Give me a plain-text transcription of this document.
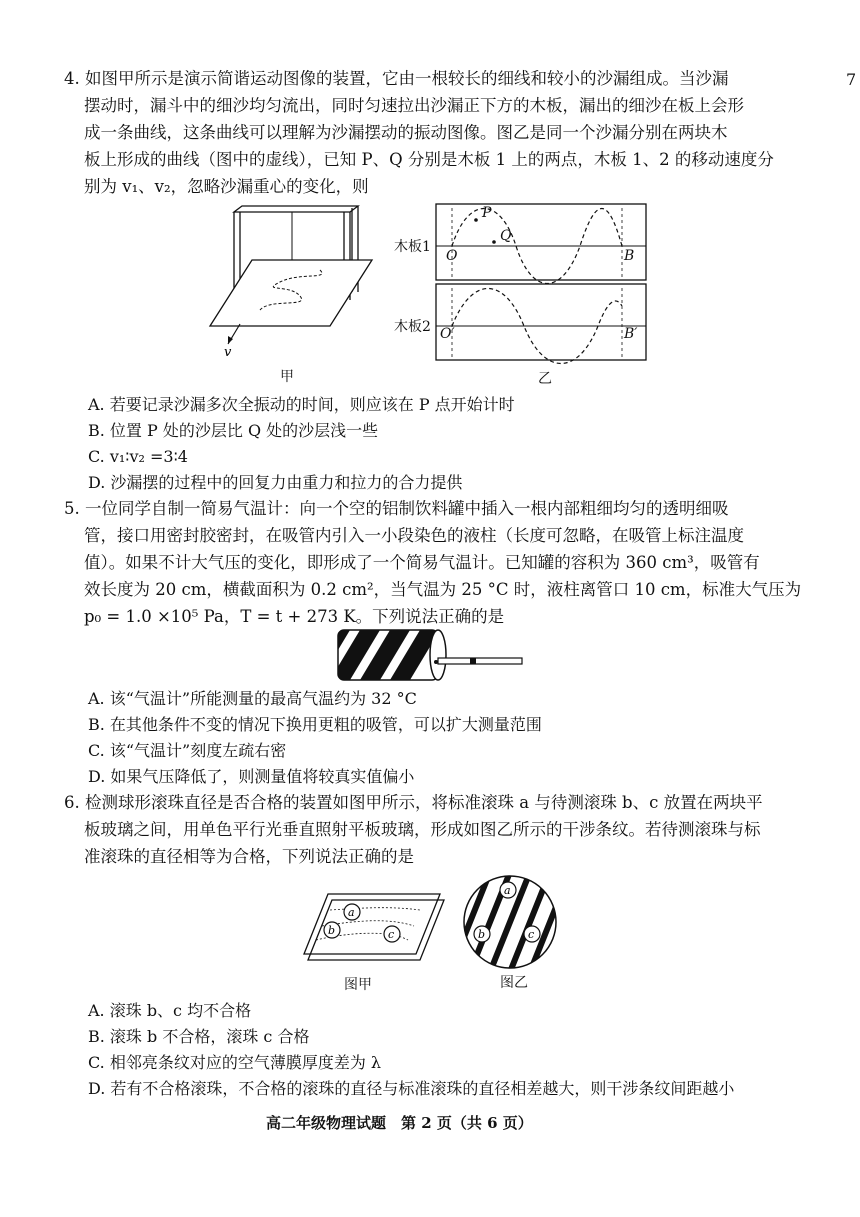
7
4. 如图甲所示是演示简谐运动图像的装置，它由一根较长的细线和较小的沙漏组成。当沙漏
摆动时，漏斗中的细沙均匀流出，同时匀速拉出沙漏正下方的木板，漏出的细沙在板上会形
成一条曲线，这条曲线可以理解为沙漏摆动的振动图像。图乙是同一个沙漏分别在两块木
板上形成的曲线（图中的虚线），已知 P、Q 分别是木板 1 上的两点，木板 1、2 的移动速度分
别为 v₁、v₂，忽略沙漏重心的变化，则
v
甲
木板1
木板2
P
Q
O	B
O′	B′
乙
A. 若要记录沙漏多次全振动的时间，则应该在 P 点开始计时
B. 位置 P 处的沙层比 Q 处的沙层浅一些
C. v₁∶v₂ =3∶4
D. 沙漏摆的过程中的回复力由重力和拉力的合力提供
5. 一位同学自制一简易气温计：向一个空的铝制饮料罐中插入一根内部粗细均匀的透明细吸
管，接口用密封胶密封，在吸管内引入一小段染色的液柱（长度可忽略，在吸管上标注温度
值）。如果不计大气压的变化，即形成了一个简易气温计。已知罐的容积为 360 cm³，吸管有
效长度为 20 cm，横截面积为 0.2 cm²，当气温为 25 °C 时，液柱离管口 10 cm，标准大气压为
p₀ = 1.0 ×10⁵ Pa，T = t + 273 K。下列说法正确的是
A. 该“气温计”所能测量的最高气温约为 32 °C
B. 在其他条件不变的情况下换用更粗的吸管，可以扩大测量范围
C. 该“气温计”刻度左疏右密
D. 如果气压降低了，则测量值将较真实值偏小
6. 检测球形滚珠直径是否合格的装置如图甲所示，将标准滚珠 a 与待测滚珠 b、c 放置在两块平
板玻璃之间，用单色平行光垂直照射平板玻璃，形成如图乙所示的干涉条纹。若待测滚珠与标
准滚珠的直径相等为合格，下列说法正确的是
a
b	c
图甲
a
b	c
图乙
A. 滚珠 b、c 均不合格
B. 滚珠 b 不合格，滚珠 c 合格
C. 相邻亮条纹对应的空气薄膜厚度差为 λ
D. 若有不合格滚珠，不合格的滚珠的直径与标准滚珠的直径相差越大，则干涉条纹间距越小
高二年级物理试题　第 2 页（共 6 页）
